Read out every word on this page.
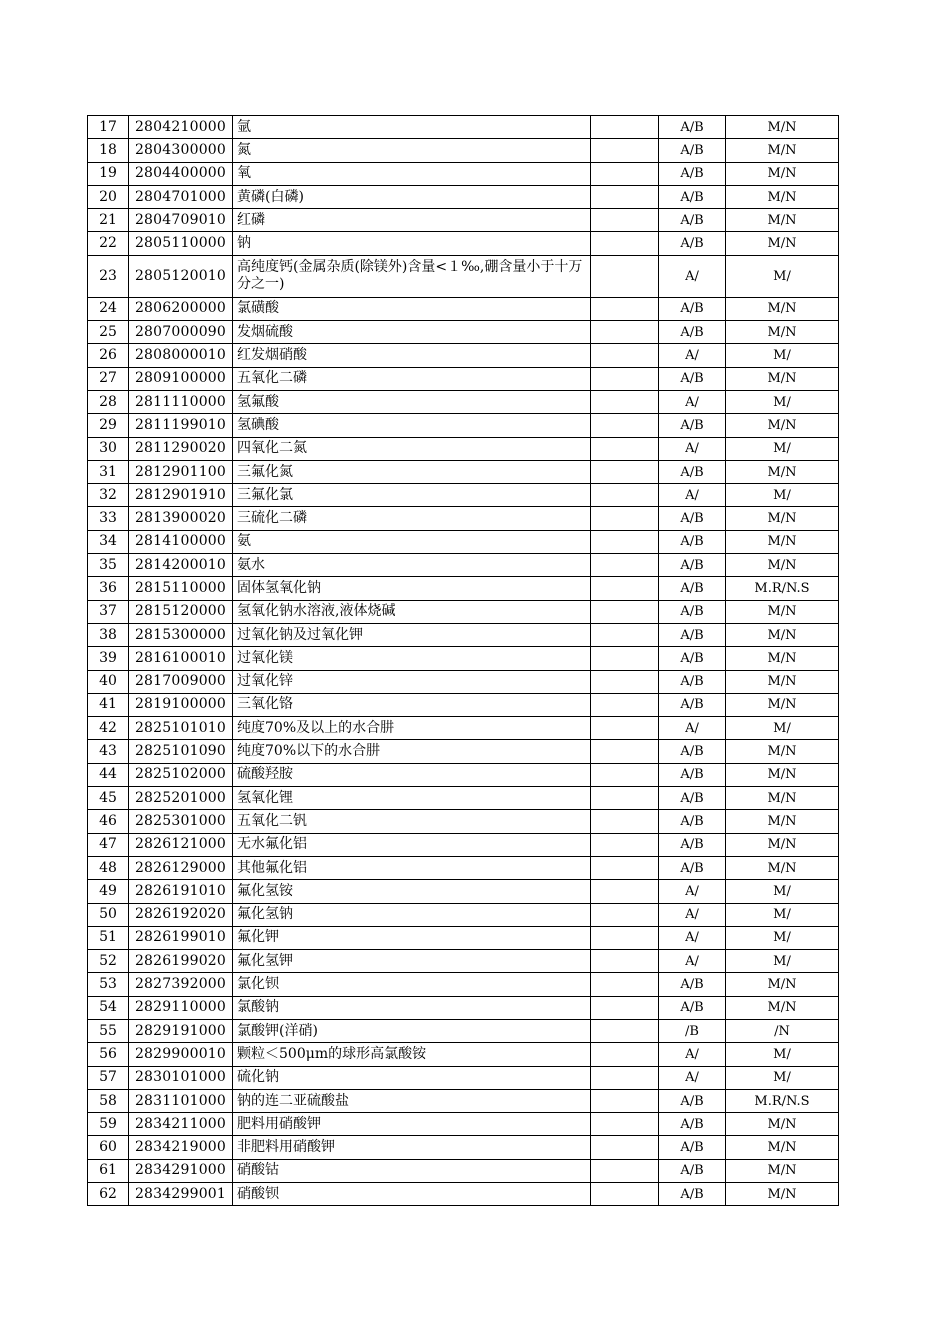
17	2804210000	氩		A/B	M/N
18	2804300000	氮		A/B	M/N
19	2804400000	氧		A/B	M/N
20	2804701000	黄磷(白磷)		A/B	M/N
21	2804709010	红磷		A/B	M/N
22	2805110000	钠		A/B	M/N
23	2805120010	高纯度钙(金属杂质(除镁外)含量<１‰,硼含量小于十万分之一)		A/	M/
24	2806200000	氯磺酸		A/B	M/N
25	2807000090	发烟硫酸		A/B	M/N
26	2808000010	红发烟硝酸		A/	M/
27	2809100000	五氧化二磷		A/B	M/N
28	2811110000	氢氟酸		A/	M/
29	2811199010	氢碘酸		A/B	M/N
30	2811290020	四氧化二氮		A/	M/
31	2812901100	三氟化氮		A/B	M/N
32	2812901910	三氟化氯		A/	M/
33	2813900020	三硫化二磷		A/B	M/N
34	2814100000	氨		A/B	M/N
35	2814200010	氨水		A/B	M/N
36	2815110000	固体氢氧化钠		A/B	M.R/N.S
37	2815120000	氢氧化钠水溶液,液体烧碱		A/B	M/N
38	2815300000	过氧化钠及过氧化钾		A/B	M/N
39	2816100010	过氧化镁		A/B	M/N
40	2817009000	过氧化锌		A/B	M/N
41	2819100000	三氧化铬		A/B	M/N
42	2825101010	纯度70%及以上的水合肼		A/	M/
43	2825101090	纯度70%以下的水合肼		A/B	M/N
44	2825102000	硫酸羟胺		A/B	M/N
45	2825201000	氢氧化锂		A/B	M/N
46	2825301000	五氧化二钒		A/B	M/N
47	2826121000	无水氟化铝		A/B	M/N
48	2826129000	其他氟化铝		A/B	M/N
49	2826191010	氟化氢铵		A/	M/
50	2826192020	氟化氢钠		A/	M/
51	2826199010	氟化钾		A/	M/
52	2826199020	氟化氢钾		A/	M/
53	2827392000	氯化钡		A/B	M/N
54	2829110000	氯酸钠		A/B	M/N
55	2829191000	氯酸钾(洋硝)		/B	/N
56	2829900010	颗粒＜500μm的球形高氯酸铵		A/	M/
57	2830101000	硫化钠		A/	M/
58	2831101000	钠的连二亚硫酸盐		A/B	M.R/N.S
59	2834211000	肥料用硝酸钾		A/B	M/N
60	2834219000	非肥料用硝酸钾		A/B	M/N
61	2834291000	硝酸钴		A/B	M/N
62	2834299001	硝酸钡		A/B	M/N
